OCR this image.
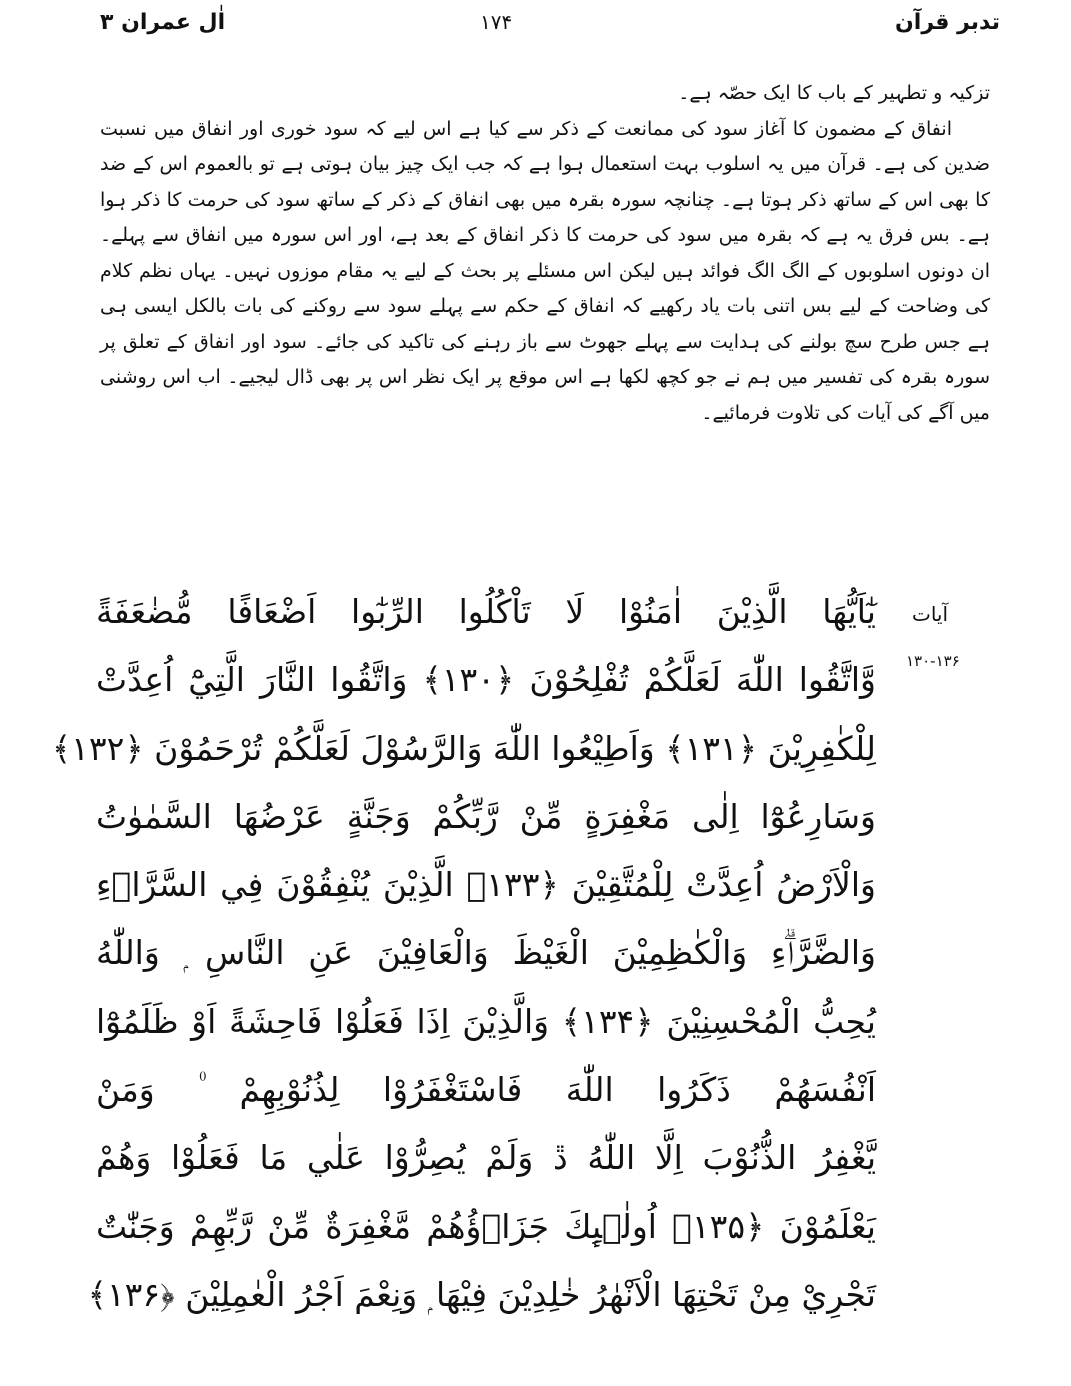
تدبر قرآن
۱۷۴
اٰل عمران ۳

تزکیہ و تطہیر کے باب کا ایک حصّہ ہے۔

انفاق کے مضمون کا آغاز سود کی ممانعت کے ذکر سے کیا ہے اس لیے کہ سود خوری اور انفاق میں نسبت ضدین کی ہے۔ قرآن میں یہ اسلوب بہت استعمال ہوا ہے کہ جب ایک چیز بیان ہوتی ہے تو بالعموم اس کے ضد کا بھی اس کے ساتھ ذکر ہوتا ہے۔ چنانچہ سورہ بقرہ میں بھی انفاق کے ذکر کے ساتھ سود کی حرمت کا ذکر ہوا ہے۔ بس فرق یہ ہے کہ بقرہ میں سود کی حرمت کا ذکر انفاق کے بعد ہے، اور اس سورہ میں انفاق سے پہلے۔ ان دونوں اسلوبوں کے الگ الگ فوائد ہیں لیکن اس مسئلے پر بحث کے لیے یہ مقام موزوں نہیں۔ یہاں نظم کلام کی وضاحت کے لیے بس اتنی بات یاد رکھیے کہ انفاق کے حکم سے پہلے سود سے روکنے کی بات بالکل ایسی ہی ہے جس طرح سچ بولنے کی ہدایت سے پہلے جھوٹ سے باز رہنے کی تاکید کی جائے۔ سود اور انفاق کے تعلق پر سورہ بقرہ کی تفسیر میں ہم نے جو کچھ لکھا ہے اس موقع پر ایک نظر اس پر بھی ڈال لیجیے۔ اب اس روشنی میں آگے کی آیات کی تلاوت فرمائیے۔

آیات
۱۳۰-۱۳۶
يٰٓاَيُّهَا الَّذِيْنَ اٰمَنُوْا لَا تَاْكُلُوا الرِّبٰٓوا اَضْعَافًا مُّضٰعَفَةً
وَّاتَّقُوا اللّٰهَ لَعَلَّكُمْ تُفْلِحُوْنَ ﴿۱۳۰﴾ وَاتَّقُوا النَّارَ الَّتِيْٓ اُعِدَّتْ
لِلْكٰفِرِيْنَ ﴿۱۳۱﴾ وَاَطِيْعُوا اللّٰهَ وَالرَّسُوْلَ لَعَلَّكُمْ تُرْحَمُوْنَ ﴿۱۳۲﴾
وَسَارِعُوْٓا اِلٰى مَغْفِرَةٍ مِّنْ رَّبِّكُمْ وَجَنَّةٍ عَرْضُهَا السَّمٰوٰتُ
وَالْاَرْضُ اُعِدَّتْ لِلْمُتَّقِيْنَ ﴿۱۳۳﴾ الَّذِيْنَ يُنْفِقُوْنَ فِي السَّرَّاۗءِ
وَالضَّرَّاۗءِ وَالْكٰظِمِيْنَ الْغَيْظَ وَالْعَافِيْنَ عَنِ النَّاسِ ۭ وَاللّٰهُ
يُحِبُّ الْمُحْسِنِيْنَ ﴿۱۳۴﴾ وَالَّذِيْنَ اِذَا فَعَلُوْا فَاحِشَةً اَوْ ظَلَمُوْٓا
اَنْفُسَھُمْ ذَكَرُوا اللّٰهَ فَاسْتَغْفَرُوْا لِذُنُوْبِھِمْ ۠ وَمَنْ
يَّغْفِرُ الذُّنُوْبَ اِلَّا اللّٰهُ ڐ وَلَمْ يُصِرُّوْا عَلٰي مَا فَعَلُوْا وَھُمْ
يَعْلَمُوْنَ ﴿۱۳۵﴾ اُولٰۗىِٕكَ جَزَاۗؤُھُمْ مَّغْفِرَةٌ مِّنْ رَّبِّهِمْ وَجَنّٰتٌ
تَجْرِيْ مِنْ تَحْتِهَا الْاَنْهٰرُ خٰلِدِيْنَ فِيْهَا ۭ وَنِعْمَ اَجْرُ الْعٰمِلِيْنَ ﴿۱۳۶﴾
